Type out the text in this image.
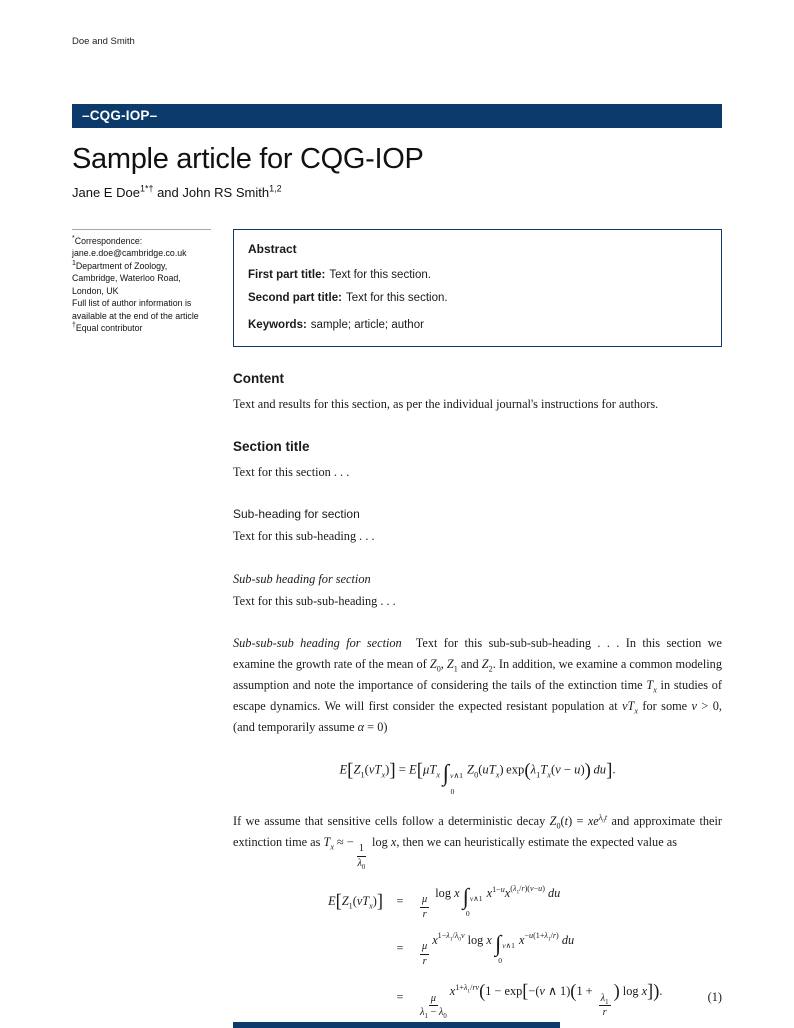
Doe and Smith
–CQG-IOP–
Sample article for CQG-IOP
Jane E Doe$^{1*\dagger}$ and John RS Smith$^{1,2}$
*Correspondence:
jane.e.doe@cambridge.co.uk
$^1$Department of Zoology,
Cambridge, Waterloo Road,
London, UK
Full list of author information is
available at the end of the article
†Equal contributor
Abstract
First part title: Text for this section.
Second part title: Text for this section.
Keywords: sample; article; author
Content

Text and results for this section, as per the individual journal's instructions for authors.

Section title

Text for this section . . .

Sub-heading for section

Text for this sub-heading . . .

Sub-sub heading for section

Text for this sub-sub-heading . . .

Sub-sub-sub heading for section Text for this sub-sub-sub-heading . . . In this section we examine the growth rate of the mean of $Z_0$, $Z_1$ and $Z_2$. In addition, we examine a common modeling assumption and note the importance of considering the tails of the extinction time $T_x$ in studies of escape dynamics. We will first consider the expected resistant population at $vT_x$ for some v > 0, (and temporarily assume α = 0)

$E[Z_1(vT_x)] = E[\mu T_x$  ∫ v∧1
0
$Z_0(uT_x) \exp(\lambda_1T_x(v - u))$  du].

If we assume that sensitive cells follow a deterministic decay $Z_0(t) = xe^{\lambda_0t}$ and approximate their extinction time as $T_x$ ≈ −
$\frac{1}{\lambda_0}$
log x, then we can heuristically estimate the expected value as

$E[Z_1(vT_x)]$	=	$\frac{\mu}{r}$
log x ∫ v∧1
0
$x^{1-u}x^{(\lambda_1/r)(v-u)}$ du
=	$\frac{\mu}{r}$
$x^{1-\lambda_1/\lambda_0v}$ log x ∫ v∧1
0
$x^{-u(1+\lambda_1/r)}$ du
=	$\frac{\mu}{\lambda_1 - \lambda_0}$
$x^{1+\lambda_1/rv}(1 - \exp[-(v$ ∧ 1)(1 +
$\frac{\lambda_1}{r}$
) log x]).	(1)
